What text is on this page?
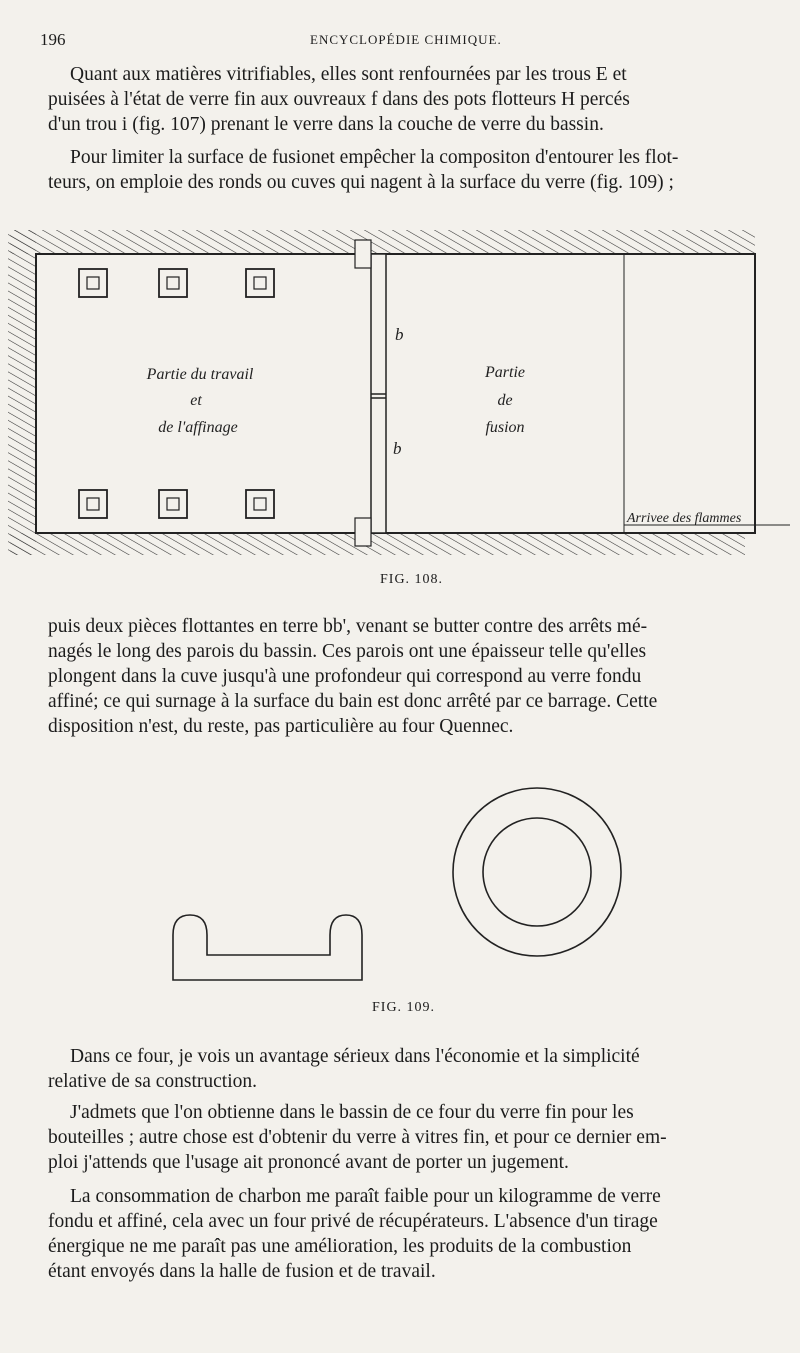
196	ENCYCLOPÉDIE CHIMIQUE.
Quant aux matières vitrifiables, elles sont renfournées par les trous E et
puisées à l'état de verre fin aux ouvreaux f dans des pots flotteurs H percés
d'un trou i (fig. 107) prenant le verre dans la couche de verre du bassin.
Pour limiter la surface de fusionet empêcher la compositon d'entourer les flot-
teurs, on emploie des ronds ou cuves qui nagent à la surface du verre (fig. 109) ;
Partie du travail
et
de l'affinage
Partie
de
fusion
b
b
Arrivee des flammes
FIG. 108.
puis deux pièces flottantes en terre bb', venant se butter contre des arrêts mé-
nagés le long des parois du bassin. Ces parois ont une épaisseur telle qu'elles
plongent dans la cuve jusqu'à une profondeur qui correspond au verre fondu
affiné; ce qui surnage à la surface du bain est donc arrêté par ce barrage. Cette
disposition n'est, du reste, pas particulière au four Quennec.
FIG. 109.
Dans ce four, je vois un avantage sérieux dans l'économie et la simplicité
relative de sa construction.
J'admets que l'on obtienne dans le bassin de ce four du verre fin pour les
bouteilles ; autre chose est d'obtenir du verre à vitres fin, et pour ce dernier em-
ploi j'attends que l'usage ait prononcé avant de porter un jugement.
La consommation de charbon me paraît faible pour un kilogramme de verre
fondu et affiné, cela avec un four privé de récupérateurs. L'absence d'un tirage
énergique ne me paraît pas une amélioration, les produits de la combustion
étant envoyés dans la halle de fusion et de travail.
